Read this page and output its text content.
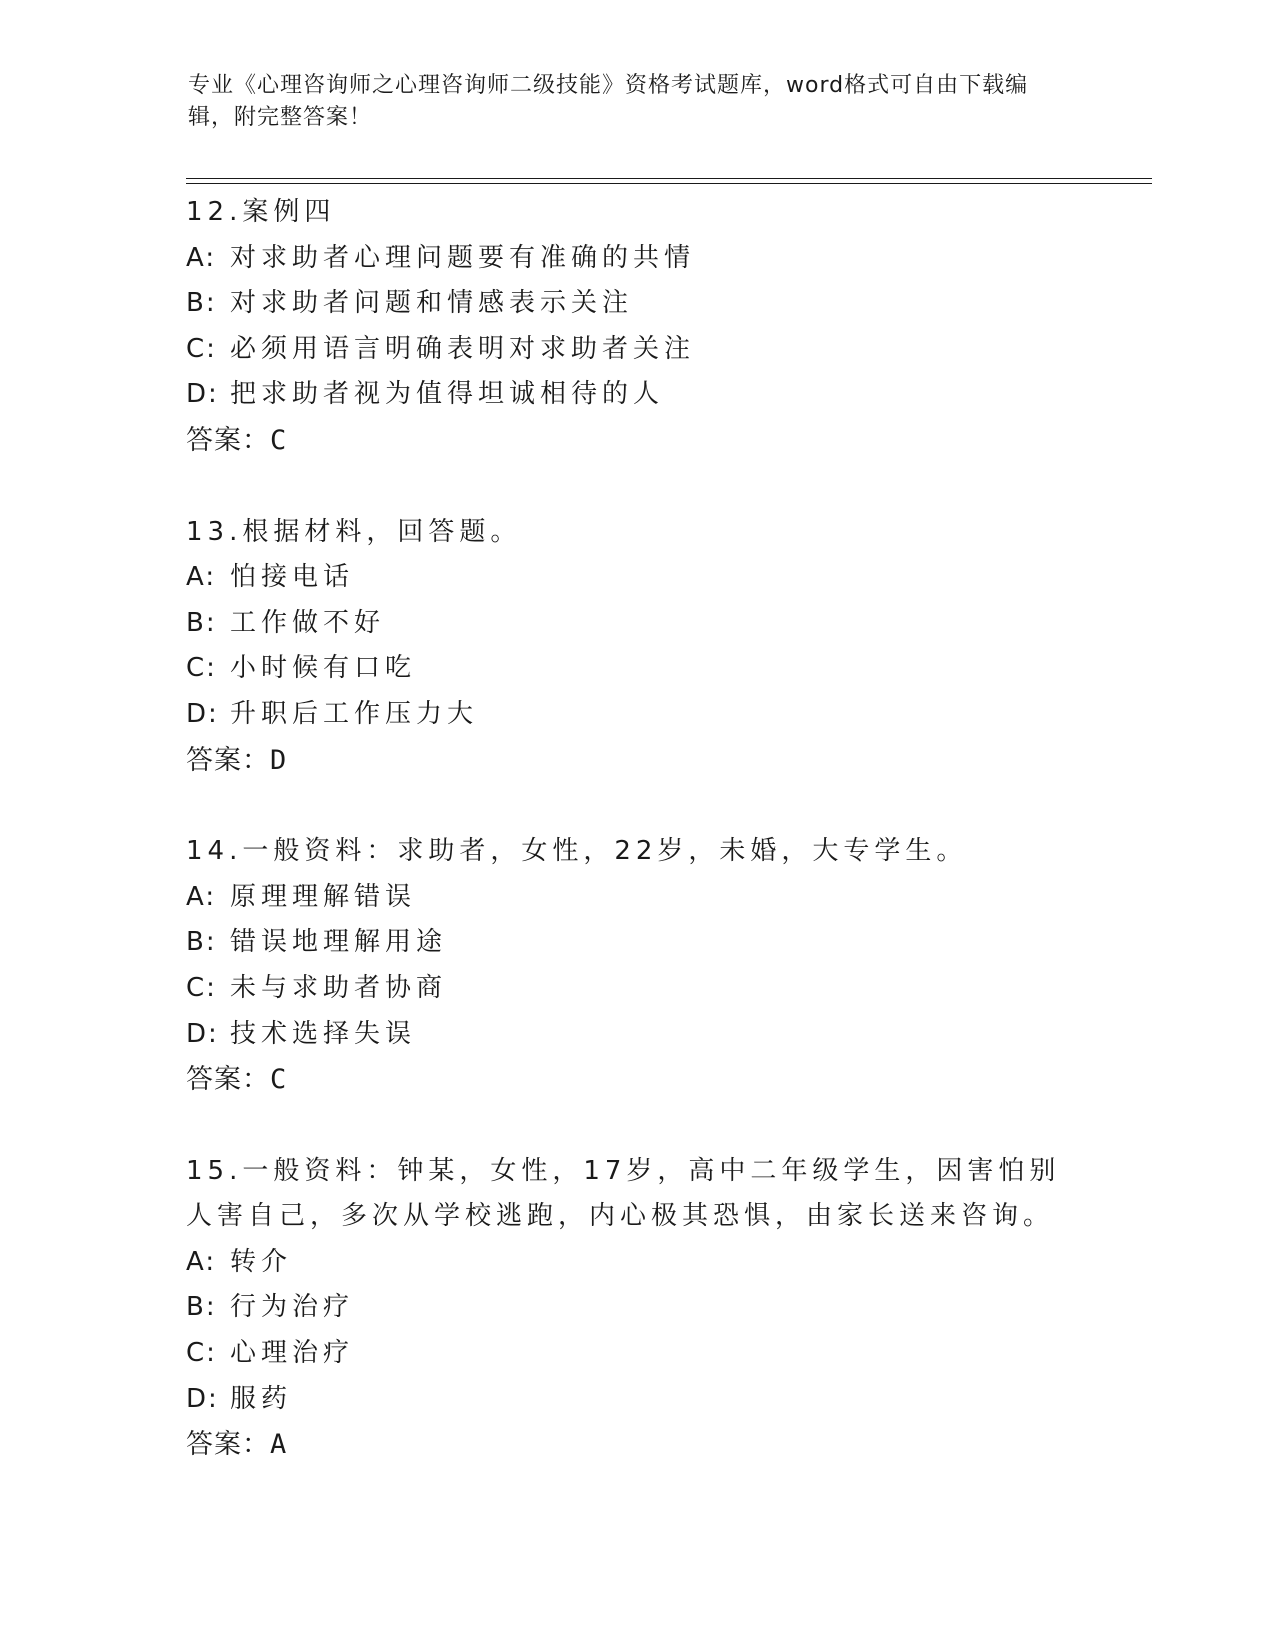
专业《心理咨询师之心理咨询师二级技能》资格考试题库，word格式可自由下载编辑，附完整答案！
12.案例四
A: 对求助者心理问题要有准确的共情
B: 对求助者问题和情感表示关注
C: 必须用语言明确表明对求助者关注
D: 把求助者视为值得坦诚相待的人
答案：C
13.根据材料，回答题。
A: 怕接电话
B: 工作做不好
C: 小时候有口吃
D: 升职后工作压力大
答案：D
14.一般资料：求助者，女性，22岁，未婚，大专学生。
A: 原理理解错误
B: 错误地理解用途
C: 未与求助者协商
D: 技术选择失误
答案：C
15.一般资料：钟某，女性，17岁，高中二年级学生，因害怕别人害自己，多次从学校逃跑，内心极其恐惧，由家长送来咨询。
A: 转介
B: 行为治疗
C: 心理治疗
D: 服药
答案：A
